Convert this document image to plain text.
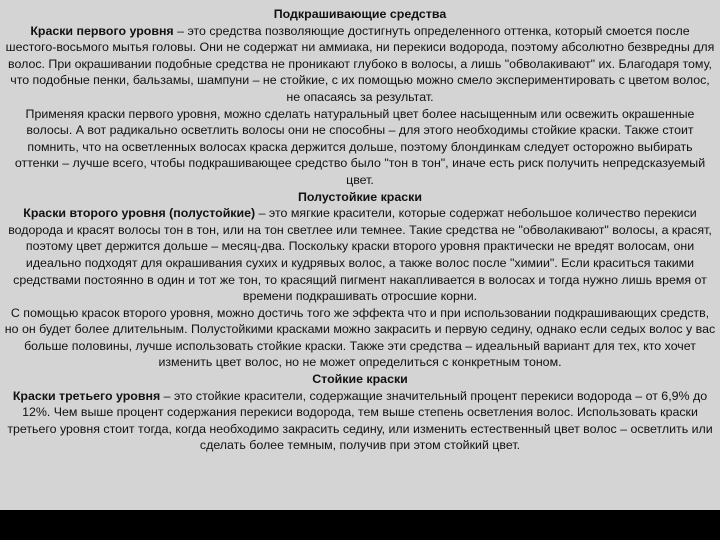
Подкрашивающие средства

Краски первого уровня – это средства позволяющие достигнуть определенного оттенка, который смоется после шестого-восьмого мытья головы. Они не содержат ни аммиака, ни перекиси водорода, поэтому абсолютно безвредны для волос. При окрашивании подобные средства не проникают глубоко в волосы, а лишь "обволакивают" их. Благодаря тому, что подобные пенки, бальзамы, шампуни – не стойкие, с их помощью можно смело экспериментировать с цветом волос, не опасаясь за результат.

Применяя краски первого уровня, можно сделать натуральный цвет более насыщенным или освежить окрашенные волосы. А вот радикально осветлить волосы они не способны – для этого необходимы стойкие краски. Также стоит помнить, что на осветленных волосах краска держится дольше, поэтому блондинкам следует осторожно выбирать оттенки – лучше всего, чтобы подкрашивающее средство было "тон в тон", иначе есть риск получить непредсказуемый цвет.

Полустойкие краски

Краски второго уровня (полустойкие) – это мягкие красители, которые содержат небольшое количество перекиси водорода и красят волосы тон в тон, или на тон светлее или темнее. Такие средства не "обволакивают" волосы, а красят, поэтому цвет держится дольше – месяц-два. Поскольку краски второго уровня практически не вредят волосам, они идеально подходят для окрашивания сухих и кудрявых волос, а также волос после "химии". Если краситься такими средствами постоянно в один и тот же тон, то красящий пигмент накапливается в волосах и тогда нужно лишь время от времени подкрашивать отросшие корни.

С помощью красок второго уровня, можно достичь того же эффекта что и при использовании подкрашивающих средств, но он будет более длительным. Полустойкими красками можно закрасить и первую седину, однако если седых волос у вас больше половины, лучше использовать стойкие краски. Также эти средства – идеальный вариант для тех, кто хочет изменить цвет волос, но не может определиться с конкретным тоном.

Стойкие краски

Краски третьего уровня – это стойкие красители, содержащие значительный процент перекиси водорода – от 6,9% до 12%. Чем выше процент содержания перекиси водорода, тем выше степень осветления волос. Использовать краски третьего уровня стоит тогда, когда необходимо закрасить седину, или изменить естественный цвет волос – осветлить или сделать более темным, получив при этом стойкий цвет.
